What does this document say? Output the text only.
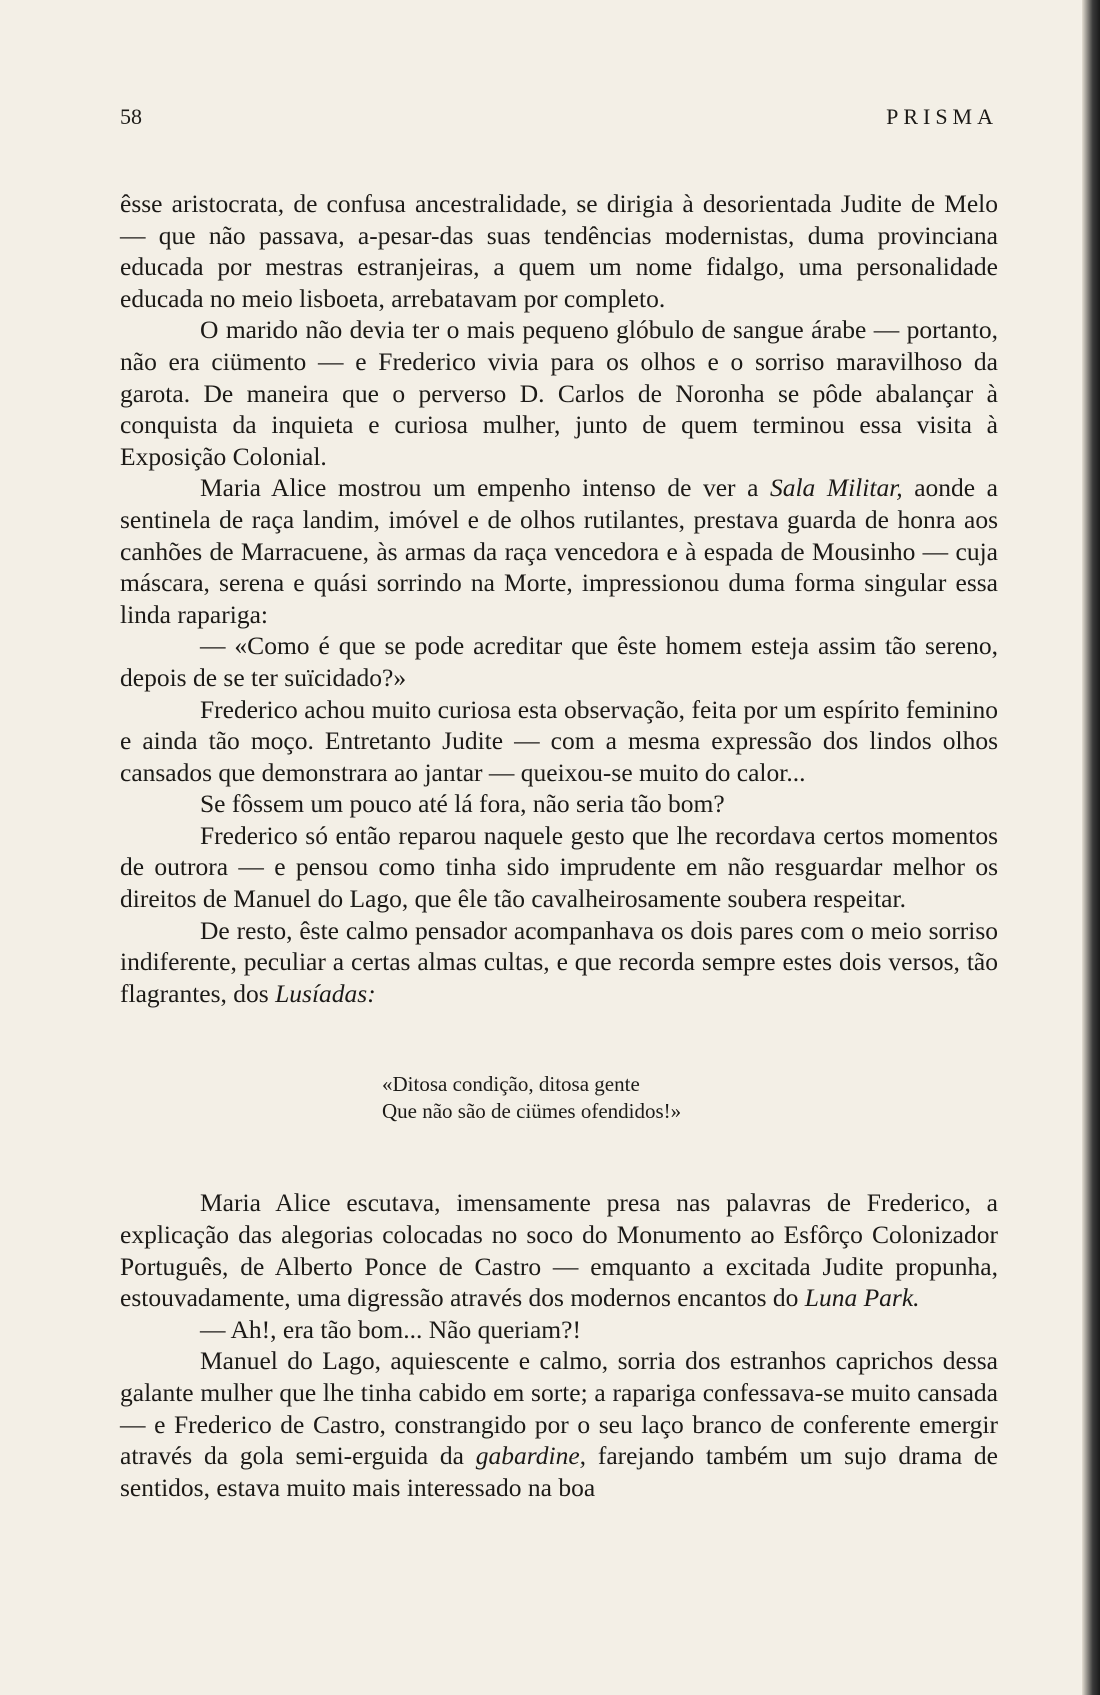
58	PRISMA

êsse aristocrata, de confusa ancestralidade, se dirigia à desorientada Judite de Melo — que não passava, a-pesar-das suas tendências modernistas, duma provinciana educada por mestras estranjeiras, a quem um nome fidalgo, uma personalidade educada no meio lisboeta, arrebatavam por completo.

O marido não devia ter o mais pequeno glóbulo de sangue árabe — portanto, não era ciümento — e Frederico vivia para os olhos e o sorriso maravilhoso da garota. De maneira que o perverso D. Carlos de Noronha se pôde abalançar à conquista da inquieta e curiosa mulher, junto de quem terminou essa visita à Exposição Colonial.

Maria Alice mostrou um empenho intenso de ver a Sala Militar, aonde a sentinela de raça landim, imóvel e de olhos rutilantes, prestava guarda de honra aos canhões de Marracuene, às armas da raça vencedora e à espada de Mousinho — cuja máscara, serena e quási sorrindo na Morte, impressionou duma forma singular essa linda rapariga:

— «Como é que se pode acreditar que êste homem esteja assim tão sereno, depois de se ter suïcidado?»

Frederico achou muito curiosa esta observação, feita por um espírito feminino e ainda tão moço. Entretanto Judite — com a mesma expressão dos lindos olhos cansados que demonstrara ao jantar — queixou-se muito do calor...

Se fôssem um pouco até lá fora, não seria tão bom?

Frederico só então reparou naquele gesto que lhe recordava certos momentos de outrora — e pensou como tinha sido imprudente em não resguardar melhor os direitos de Manuel do Lago, que êle tão cavalheirosamente soubera respeitar.

De resto, êste calmo pensador acompanhava os dois pares com o meio sorriso indiferente, peculiar a certas almas cultas, e que recorda sempre estes dois versos, tão flagrantes, dos Lusíadas:

«Ditosa condição, ditosa gente
Que não são de ciümes ofendidos!»

Maria Alice escutava, imensamente presa nas palavras de Frederico, a explicação das alegorias colocadas no soco do Monumento ao Esfôrço Colonizador Português, de Alberto Ponce de Castro — emquanto a excitada Judite propunha, estouvadamente, uma digressão através dos modernos encantos do Luna Park.

— Ah!, era tão bom... Não queriam?!

Manuel do Lago, aquiescente e calmo, sorria dos estranhos caprichos dessa galante mulher que lhe tinha cabido em sorte; a rapariga confessava-se muito cansada — e Frederico de Castro, constrangido por o seu laço branco de conferente emergir através da gola semi-erguida da gabardine, farejando também um sujo drama de sentidos, estava muito mais interessado na boa
